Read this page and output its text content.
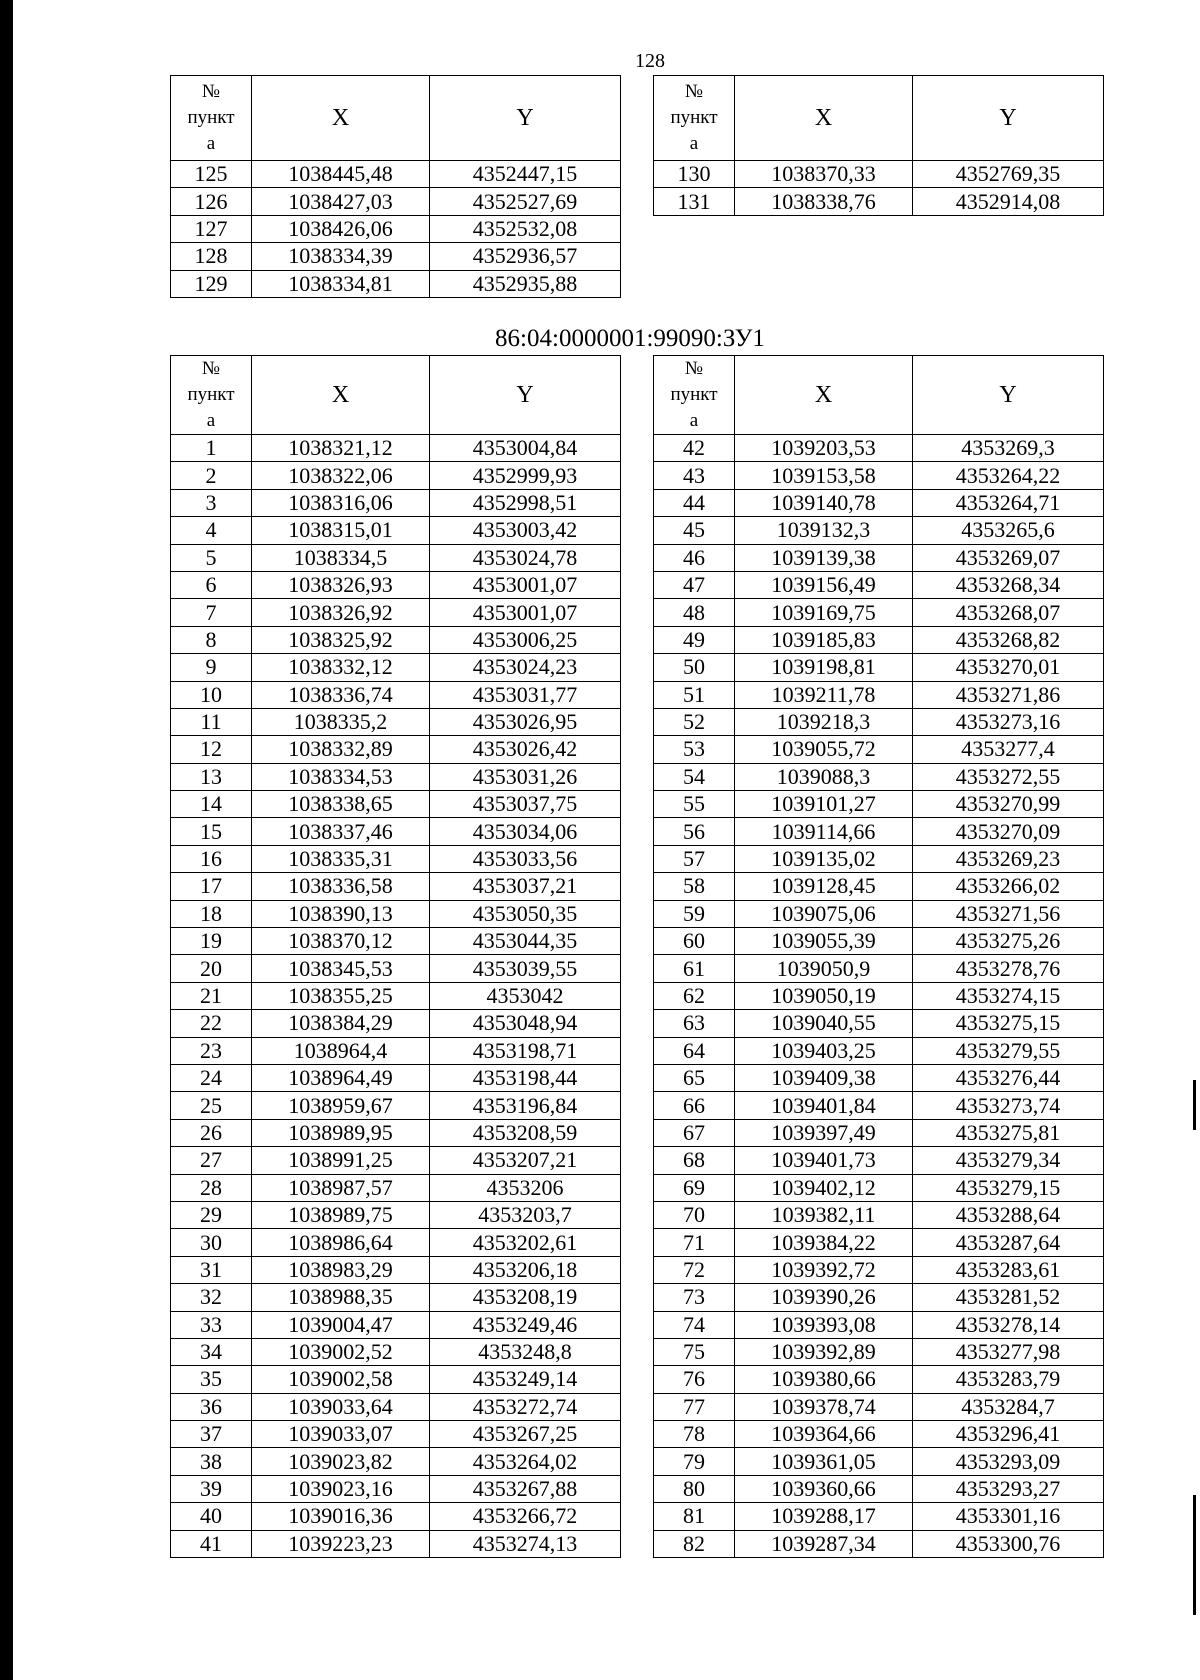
128
86:04:0000001:99090:ЗУ1
№
пункт
а	X	Y
125	1038445,48	4352447,15
126	1038427,03	4352527,69
127	1038426,06	4352532,08
128	1038334,39	4352936,57
129	1038334,81	4352935,88
№
пункт
а	X	Y
130	1038370,33	4352769,35
131	1038338,76	4352914,08
№
пункт
а	X	Y
1	1038321,12	4353004,84
2	1038322,06	4352999,93
3	1038316,06	4352998,51
4	1038315,01	4353003,42
5	1038334,5	4353024,78
6	1038326,93	4353001,07
7	1038326,92	4353001,07
8	1038325,92	4353006,25
9	1038332,12	4353024,23
10	1038336,74	4353031,77
11	1038335,2	4353026,95
12	1038332,89	4353026,42
13	1038334,53	4353031,26
14	1038338,65	4353037,75
15	1038337,46	4353034,06
16	1038335,31	4353033,56
17	1038336,58	4353037,21
18	1038390,13	4353050,35
19	1038370,12	4353044,35
20	1038345,53	4353039,55
21	1038355,25	4353042
22	1038384,29	4353048,94
23	1038964,4	4353198,71
24	1038964,49	4353198,44
25	1038959,67	4353196,84
26	1038989,95	4353208,59
27	1038991,25	4353207,21
28	1038987,57	4353206
29	1038989,75	4353203,7
30	1038986,64	4353202,61
31	1038983,29	4353206,18
32	1038988,35	4353208,19
33	1039004,47	4353249,46
34	1039002,52	4353248,8
35	1039002,58	4353249,14
36	1039033,64	4353272,74
37	1039033,07	4353267,25
38	1039023,82	4353264,02
39	1039023,16	4353267,88
40	1039016,36	4353266,72
41	1039223,23	4353274,13
№
пункт
а	X	Y
42	1039203,53	4353269,3
43	1039153,58	4353264,22
44	1039140,78	4353264,71
45	1039132,3	4353265,6
46	1039139,38	4353269,07
47	1039156,49	4353268,34
48	1039169,75	4353268,07
49	1039185,83	4353268,82
50	1039198,81	4353270,01
51	1039211,78	4353271,86
52	1039218,3	4353273,16
53	1039055,72	4353277,4
54	1039088,3	4353272,55
55	1039101,27	4353270,99
56	1039114,66	4353270,09
57	1039135,02	4353269,23
58	1039128,45	4353266,02
59	1039075,06	4353271,56
60	1039055,39	4353275,26
61	1039050,9	4353278,76
62	1039050,19	4353274,15
63	1039040,55	4353275,15
64	1039403,25	4353279,55
65	1039409,38	4353276,44
66	1039401,84	4353273,74
67	1039397,49	4353275,81
68	1039401,73	4353279,34
69	1039402,12	4353279,15
70	1039382,11	4353288,64
71	1039384,22	4353287,64
72	1039392,72	4353283,61
73	1039390,26	4353281,52
74	1039393,08	4353278,14
75	1039392,89	4353277,98
76	1039380,66	4353283,79
77	1039378,74	4353284,7
78	1039364,66	4353296,41
79	1039361,05	4353293,09
80	1039360,66	4353293,27
81	1039288,17	4353301,16
82	1039287,34	4353300,76
